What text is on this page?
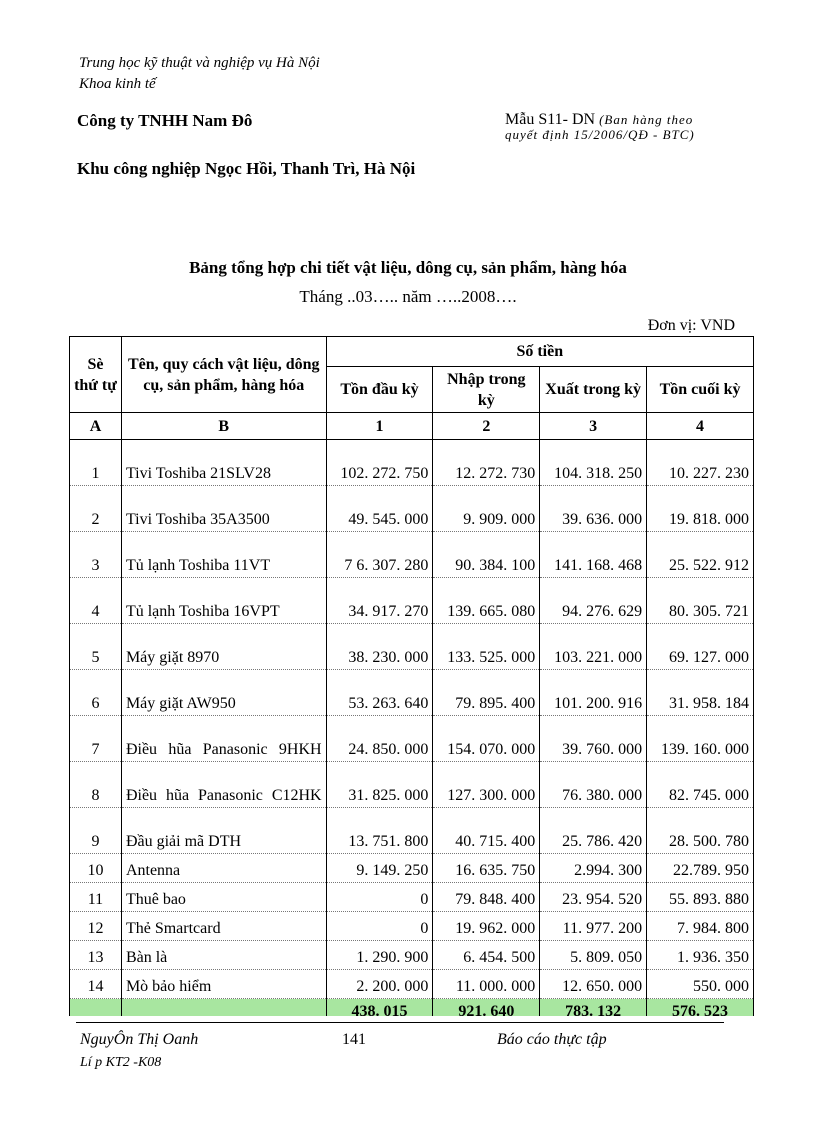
Trung học kỹ thuật và nghiệp vụ Hà Nội
Khoa kinh tế
Công ty TNHH Nam Đô	Mẫu S11- DN (Ban hàng theo
quyết định 15/2006/QĐ - BTC)
Khu công nghiệp Ngọc Hồi, Thanh Trì, Hà Nội
Bảng tổng hợp chi tiết vật liệu, dông cụ, sản phẩm, hàng hóa
Tháng ..03….. năm …..2008….
Đơn vị: VND
Sè thứ tự	Tên, quy cách vật liệu, dông cụ, sản phẩm, hàng hóa	Số tiền			
		Tồn đầu kỳ	Nhập trong kỳ	Xuất trong kỳ	Tồn cuối kỳ
A	B	1	2	3	4
1	Tivi Toshiba 21SLV28	102. 272. 750	12. 272. 730	104. 318. 250	10. 227. 230
2	Tivi Toshiba 35A3500	49. 545. 000	9. 909. 000	39. 636. 000	19. 818. 000
3	Tủ lạnh Toshiba 11VT	7 6. 307. 280	90. 384. 100	141. 168. 468	25. 522. 912
4	Tủ lạnh Toshiba 16VPT	34. 917. 270	139. 665. 080	94. 276. 629	80. 305. 721
5	Máy giặt 8970	38. 230. 000	133. 525. 000	103. 221. 000	69. 127. 000
6	Máy giặt AW950	53. 263. 640	79. 895. 400	101. 200. 916	31. 958. 184
7	Điều hũa Panasonic 9HKH	24. 850. 000	154. 070. 000	39. 760. 000	139. 160. 000
8	Điều hũa Panasonic C12HK	31. 825. 000	127. 300. 000	76. 380. 000	82. 745. 000
9	Đầu giải mã DTH	13. 751. 800	40. 715. 400	25. 786. 420	28. 500. 780
10	Antenna	9. 149. 250	16. 635. 750	2.994. 300	22.789. 950
11	Thuê bao	0	79. 848. 400	23. 954. 520	55. 893. 880
12	Thẻ Smartcard	0	19. 962. 000	11. 977. 200	7. 984. 800
13	Bàn là	1. 290. 900	6. 454. 500	5. 809. 050	1. 936. 350
14	Mò bảo hiểm	2. 200. 000	11. 000. 000	12. 650. 000	550. 000
		438. 015	921. 640	783. 132	576. 523
NguyÔn Thị Oanh
Lí p KT2 -K08
141	Báo cáo thực tập
